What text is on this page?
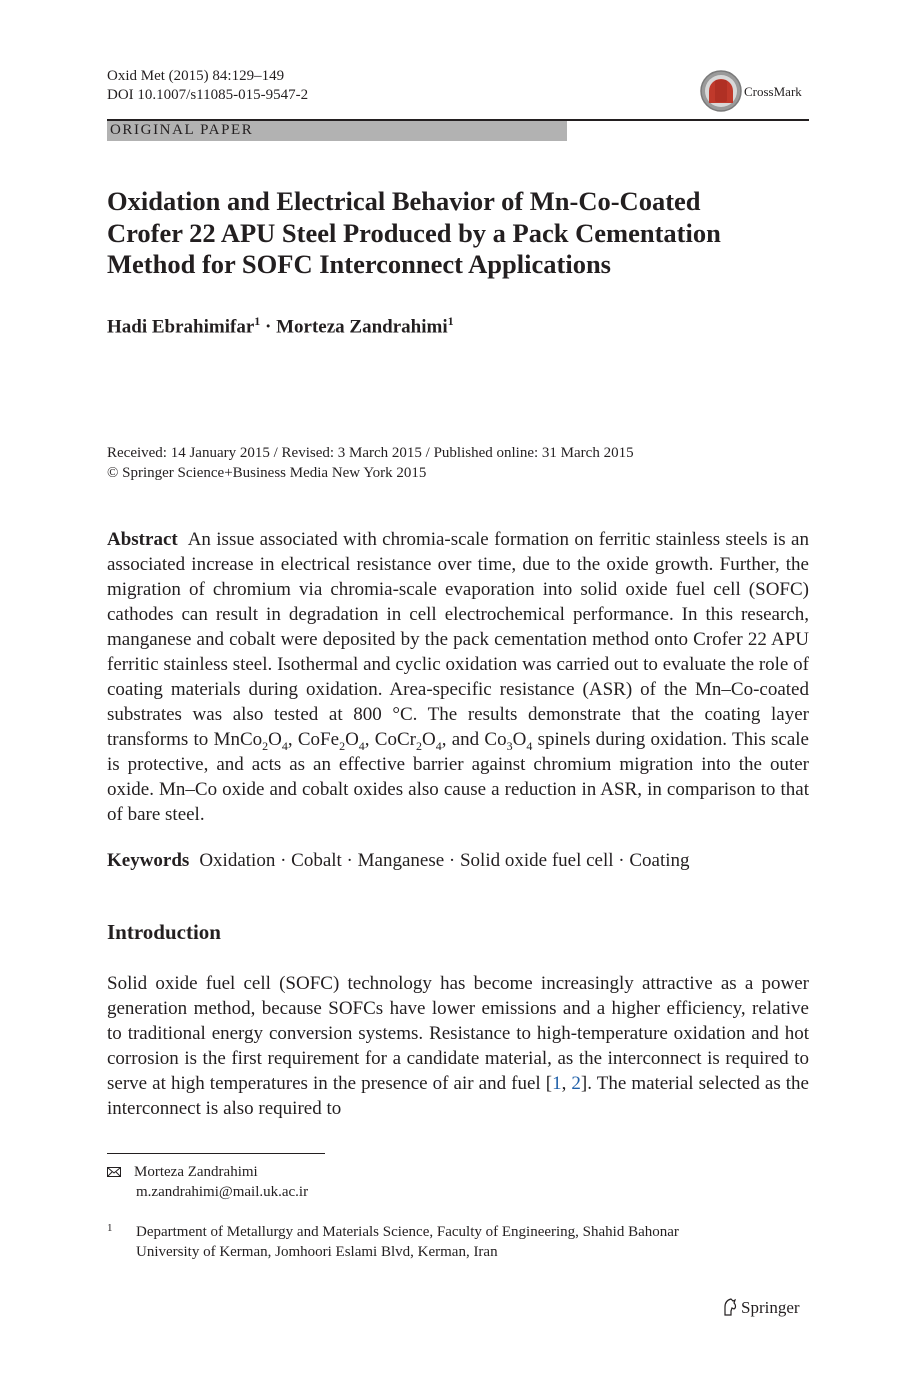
Oxid Met (2015) 84:129–149
DOI 10.1007/s11085-015-9547-2	CrossMark
ORIGINAL PAPER
Oxidation and Electrical Behavior of Mn-Co-Coated
Crofer 22 APU Steel Produced by a Pack Cementation
Method for SOFC Interconnect Applications
Hadi Ebrahimifar$^1$ · Morteza Zandrahimi$^1$
Received: 14 January 2015 / Revised: 3 March 2015 / Published online: 31 March 2015
© Springer Science+Business Media New York 2015
Abstract An issue associated with chromia-scale formation on ferritic stainless steels is an associated increase in electrical resistance over time, due to the oxide growth. Further, the migration of chromium via chromia-scale evaporation into solid oxide fuel cell (SOFC) cathodes can result in degradation in cell electrochemical performance. In this research, manganese and cobalt were deposited by the pack cementation method onto Crofer 22 APU ferritic stainless steel. Isothermal and cyclic oxidation was carried out to evaluate the role of coating materials during oxidation. Area-specific resistance (ASR) of the Mn–Co-coated substrates was also tested at 800 °C. The results demonstrate that the coating layer transforms to $MnCo_2O_4$, $CoFe_2O_4$, $CoCr_2O_4$, and $Co_3O_4$ spinels during oxidation. This scale is protective, and acts as an effective barrier against chromium migration into the outer oxide. Mn–Co oxide and cobalt oxides also cause a reduction in ASR, in comparison to that of bare steel.
Keywords Oxidation · Cobalt · Manganese · Solid oxide fuel cell · Coating
Introduction
Solid oxide fuel cell (SOFC) technology has become increasingly attractive as a power generation method, because SOFCs have lower emissions and a higher efficiency, relative to traditional energy conversion systems. Resistance to high-temperature oxidation and hot corrosion is the first requirement for a candidate material, as the interconnect is required to serve at high temperatures in the presence of air and fuel [1, 2]. The material selected as the interconnect is also required to
Morteza Zandrahimi
m.zandrahimi@mail.uk.ac.ir
1	Department of Metallurgy and Materials Science, Faculty of Engineering, Shahid Bahonar
University of Kerman, Jomhoori Eslami Blvd, Kerman, Iran
Springer
